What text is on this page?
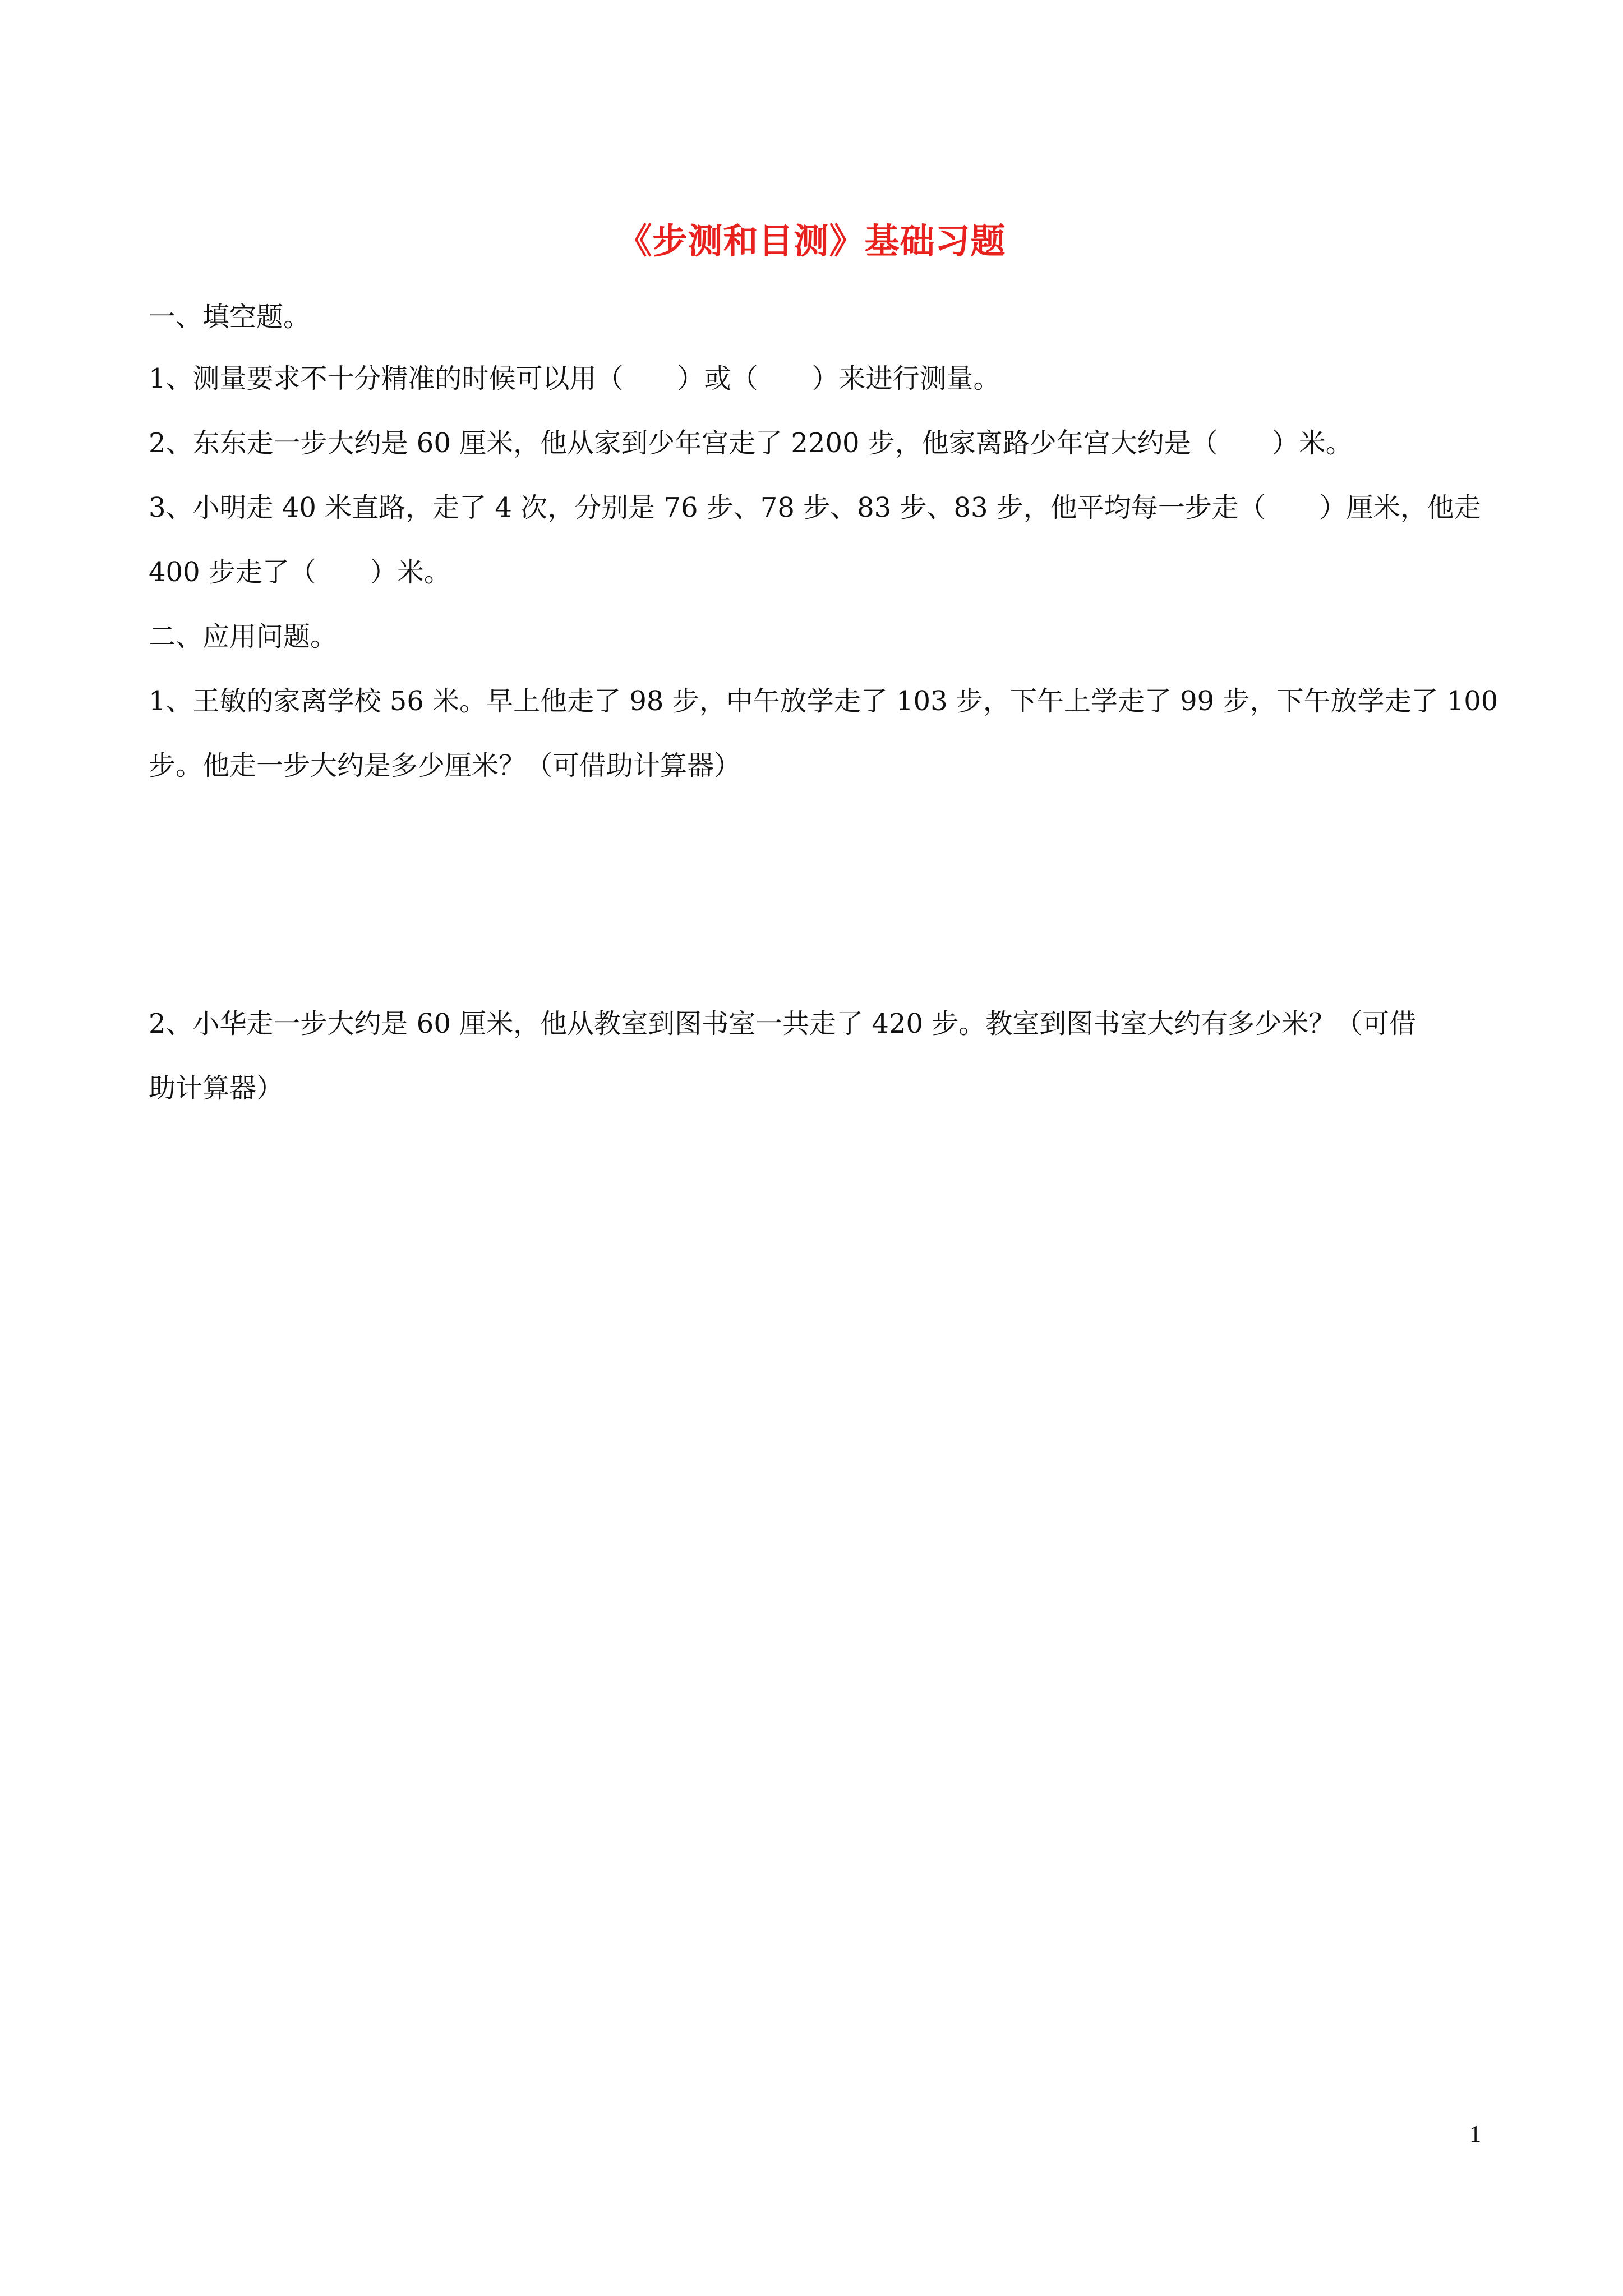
《步测和目测》基础习题
一、填空题。
1、测量要求不十分精准的时候可以用（　　）或（　　）来进行测量。
2、东东走一步大约是 60 厘米，他从家到少年宫走了 2200 步，他家离路少年宫大约是（　　）米。
3、小明走 40 米直路，走了 4 次，分别是 76 步、78 步、83 步、83 步，他平均每一步走（　　）厘米，他走
400 步走了（　　）米。
二、应用问题。
1、王敏的家离学校 56 米。早上他走了 98 步，中午放学走了 103 步，下午上学走了 99 步，下午放学走了 100
步。他走一步大约是多少厘米？（可借助计算器）
2、小华走一步大约是 60 厘米，他从教室到图书室一共走了 420 步。教室到图书室大约有多少米？（可借
助计算器）
1
